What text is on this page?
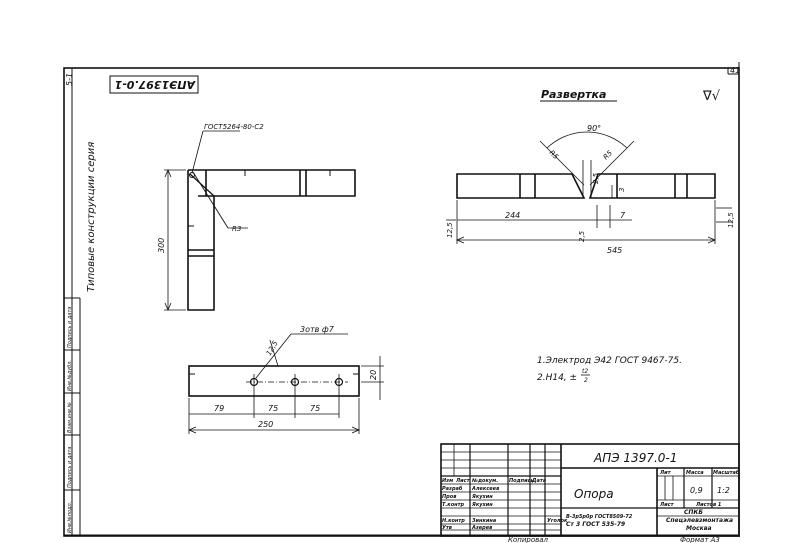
41
5-1
Типовые конструкции серия
Инв.№подл.
Подпись и дата
Взам.инв.№
Инв.№дубл.
Подпись и дата
АПЭ1397.0-1
ГОСТ5264-80-С2
R3
300
Развертка	∇√
90°
R5	R5
2,5
3
244	7
12,5	2,5
545
12,5
3отв ф7
12,5
20
79	75	75
250
1.Электрод Э42 ГОСТ 9467-75.
2.Н14, ±
t2
2
АПЭ 1397.0-1
Опора
Изм Лист №докум. Подпись
Дата
Разраб Алексеев
Пров	Якухин
Т.контр Якухин
Н.контр Зинкина
Утв	Азерев
Уголок
В-3р5р0р ГОСТ8509-72
Ст 3 ГОСТ 535-79
Лит	Масса Масштаб
0,9 1:2
Лист	Листов 1
СПКБ
Спецэлевзмонтажа
Москва
Копировал	Формат А3
